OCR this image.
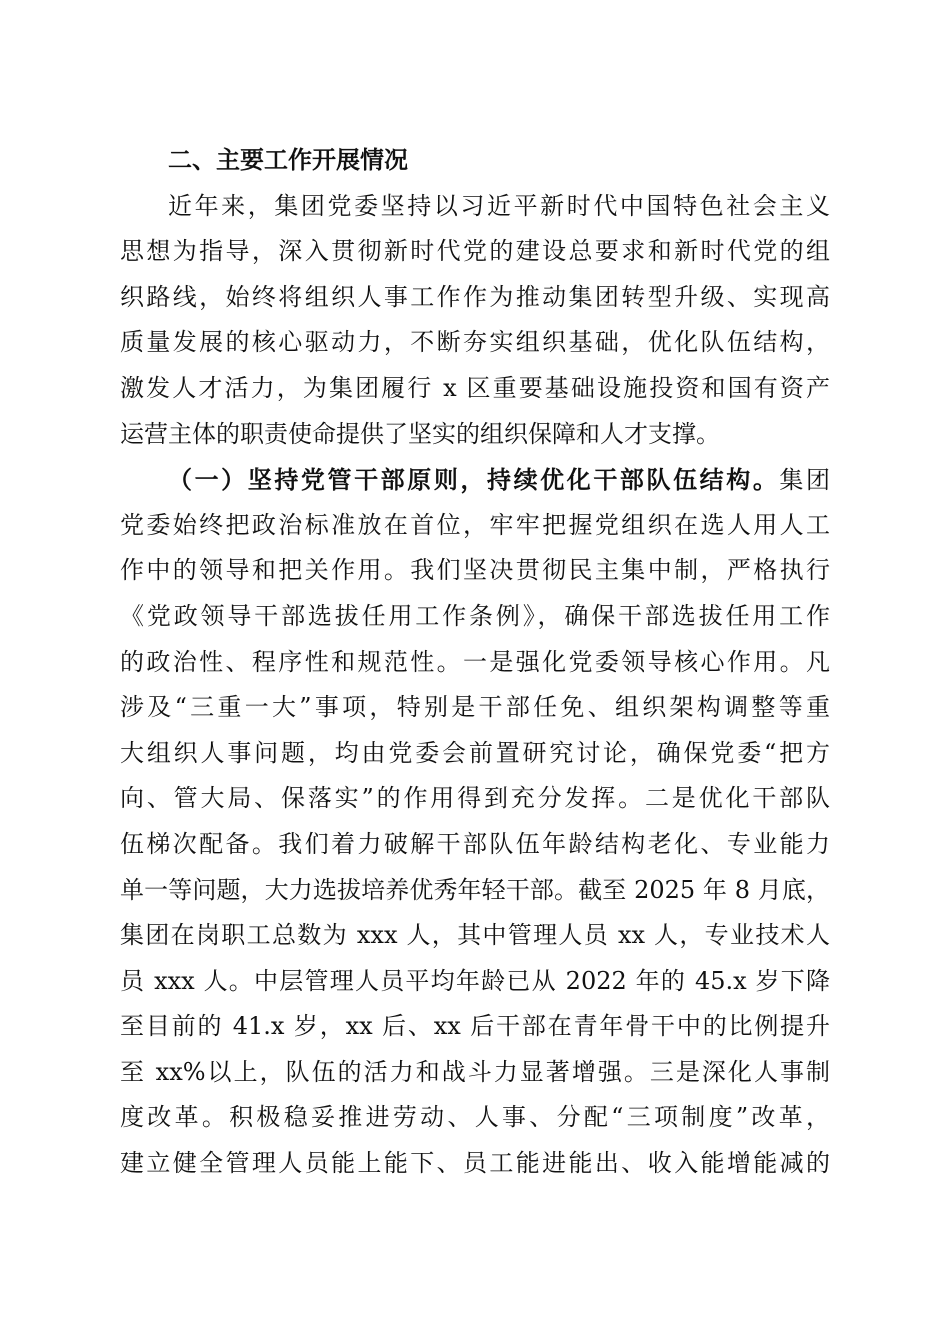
二、主要工作开展情况
近年来，集团党委坚持以习近平新时代中国特色社会主义
思想为指导，深入贯彻新时代党的建设总要求和新时代党的组
织路线，始终将组织人事工作作为推动集团转型升级、实现高
质量发展的核心驱动力，不断夯实组织基础，优化队伍结构，
激发人才活力，为集团履行 x 区重要基础设施投资和国有资产
运营主体的职责使命提供了坚实的组织保障和人才支撑。
（一）坚持党管干部原则，持续优化干部队伍结构。集团
党委始终把政治标准放在首位，牢牢把握党组织在选人用人工
作中的领导和把关作用。我们坚决贯彻民主集中制，严格执行
《党政领导干部选拔任用工作条例》，确保干部选拔任用工作
的政治性、程序性和规范性。一是强化党委领导核心作用。凡
涉及“三重一大”事项，特别是干部任免、组织架构调整等重
大组织人事问题，均由党委会前置研究讨论，确保党委“把方
向、管大局、保落实”的作用得到充分发挥。二是优化干部队
伍梯次配备。我们着力破解干部队伍年龄结构老化、专业能力
单一等问题，大力选拔培养优秀年轻干部。截至 2025 年 8 月底，
集团在岗职工总数为 xxx 人，其中管理人员 xx 人，专业技术人
员 xxx 人。中层管理人员平均年龄已从 2022 年的 45.x 岁下降
至目前的 41.x 岁，xx 后、xx 后干部在青年骨干中的比例提升
至 xx%以上，队伍的活力和战斗力显著增强。三是深化人事制
度改革。积极稳妥推进劳动、人事、分配“三项制度”改革，
建立健全管理人员能上能下、员工能进能出、收入能增能减的
